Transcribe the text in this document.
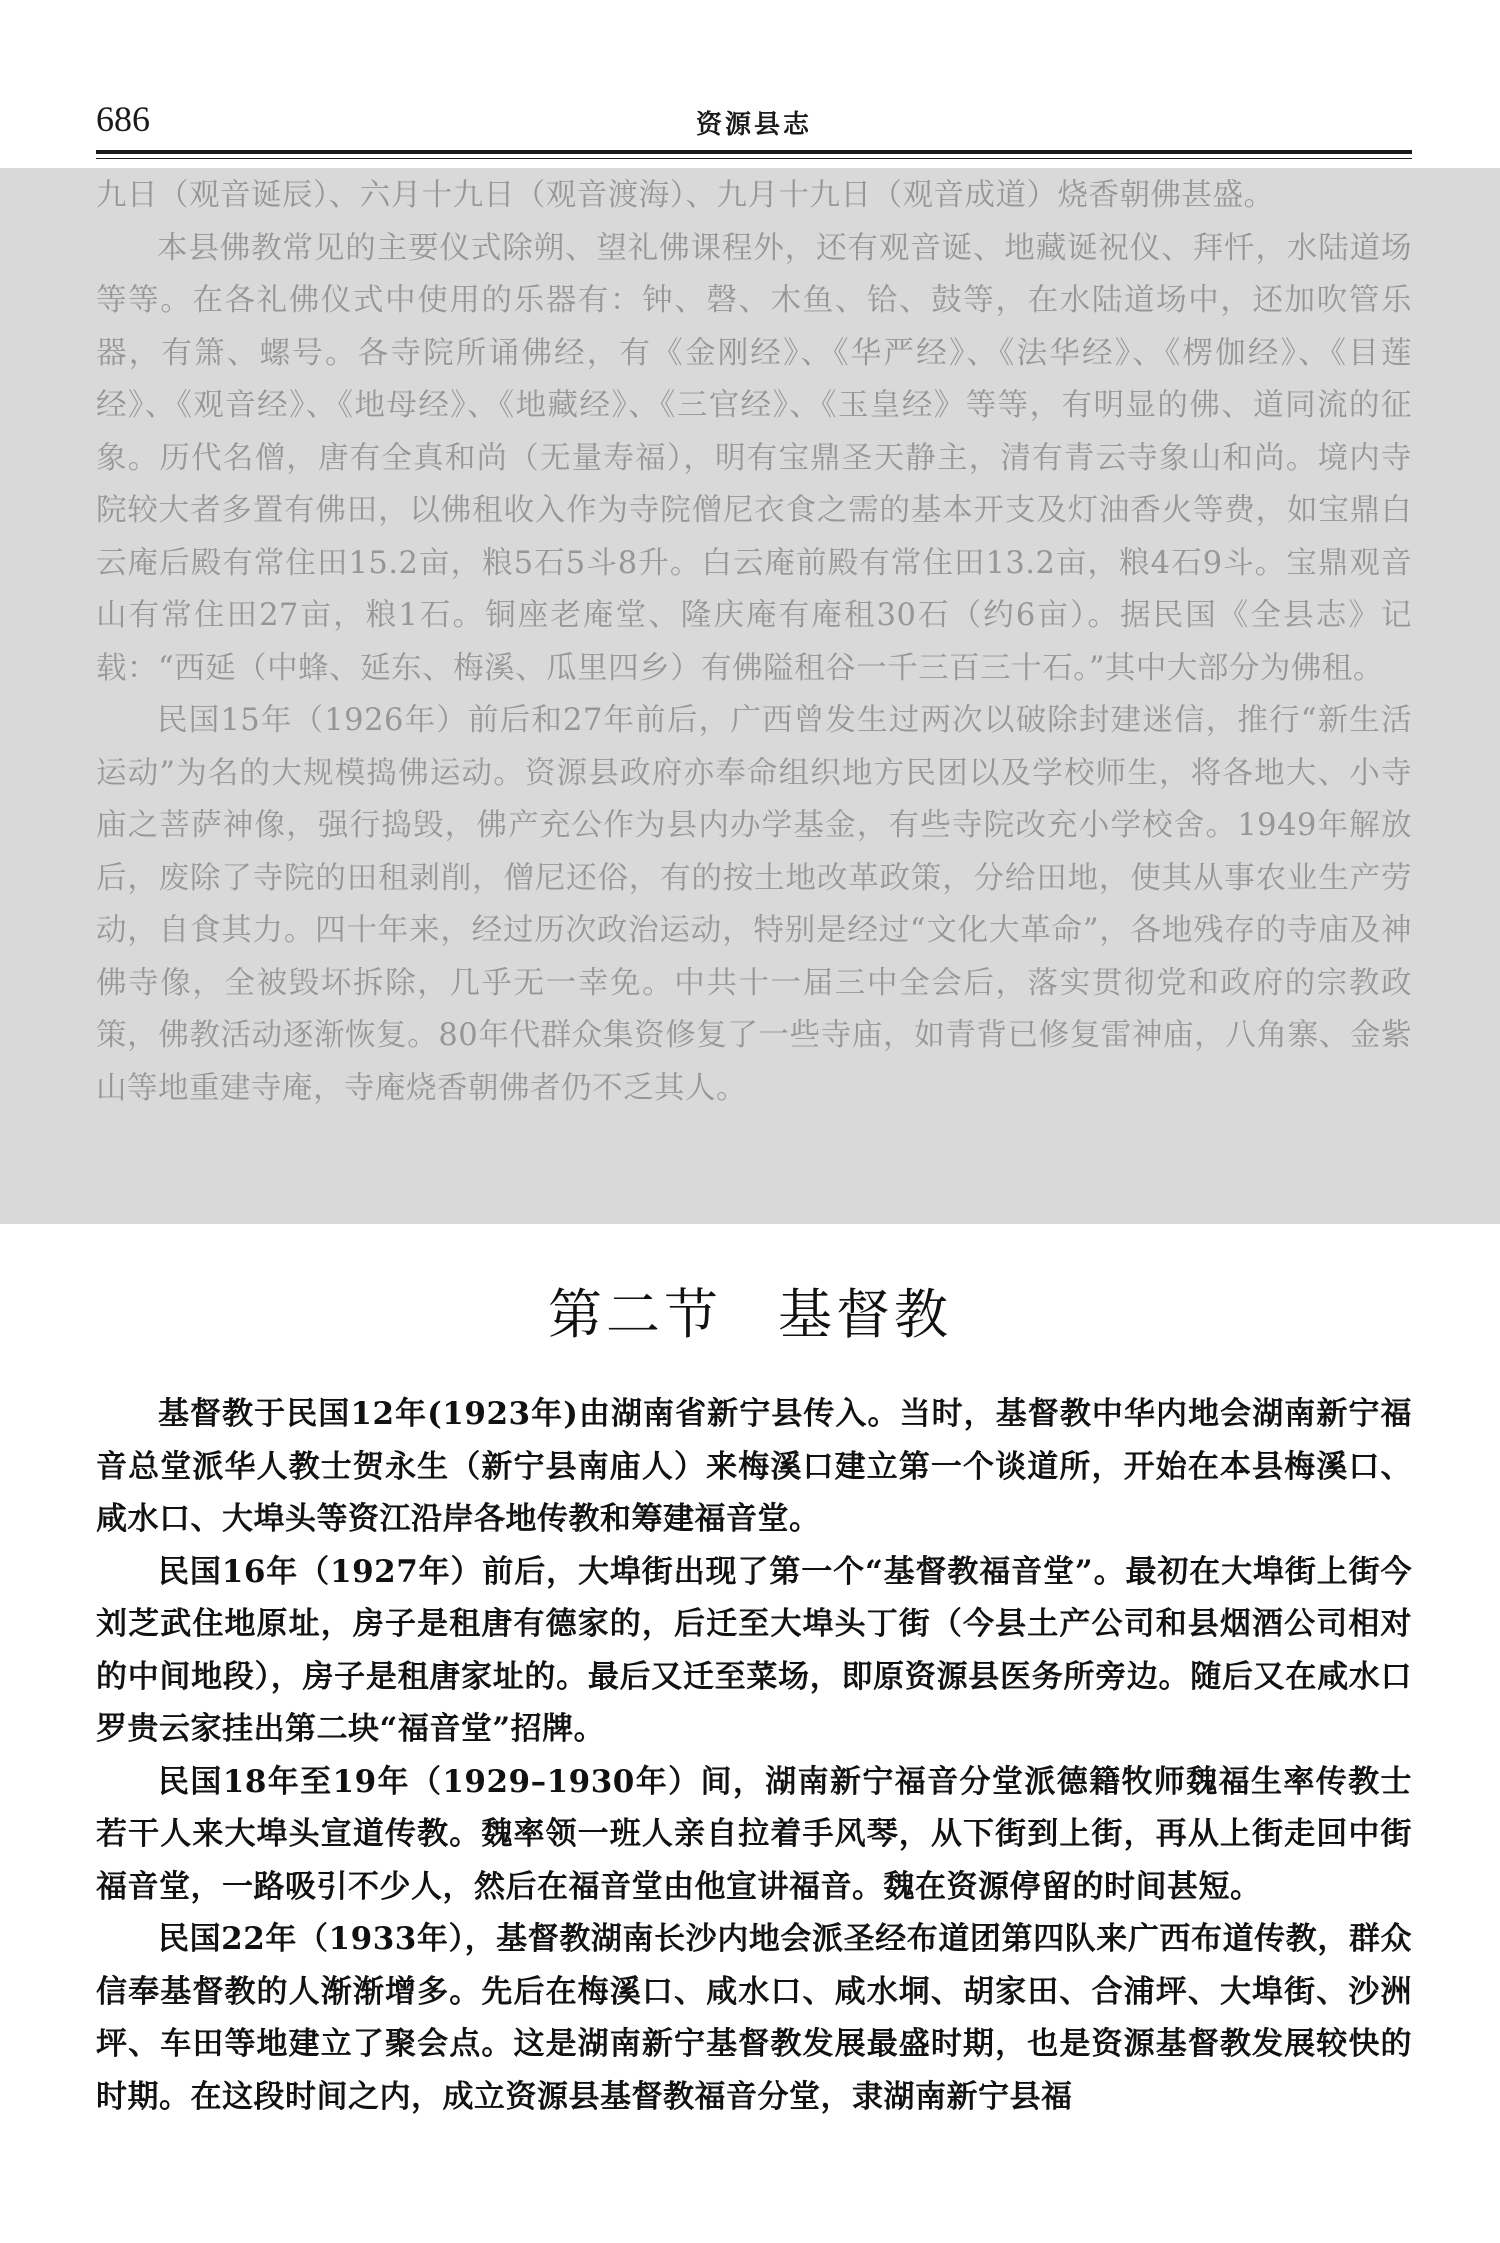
686	资源县志

九日（观音诞辰）、六月十九日（观音渡海）、九月十九日（观音成道）烧香朝佛甚盛。

本县佛教常见的主要仪式除朔、望礼佛课程外，还有观音诞、地藏诞祝仪、拜忏，水陆道场等等。在各礼佛仪式中使用的乐器有：钟、磬、木鱼、铪、鼓等，在水陆道场中，还加吹管乐器，有箫、螺号。各寺院所诵佛经，有《金刚经》、《华严经》、《法华经》、《楞伽经》、《目莲经》、《观音经》、《地母经》、《地藏经》、《三官经》、《玉皇经》等等，有明显的佛、道同流的征象。历代名僧，唐有全真和尚（无量寿福），明有宝鼎圣天静主，清有青云寺象山和尚。境内寺院较大者多置有佛田，以佛租收入作为寺院僧尼衣食之需的基本开支及灯油香火等费，如宝鼎白云庵后殿有常住田15.2亩，粮5石5斗8升。白云庵前殿有常住田13.2亩，粮4石9斗。宝鼎观音山有常住田27亩，粮1石。铜座老庵堂、隆庆庵有庵租30石（约6亩）。据民国《全县志》记载：“西延（中蜂、延东、梅溪、瓜里四乡）有佛隘租谷一千三百三十石。”其中大部分为佛租。

民国15年（1926年）前后和27年前后，广西曾发生过两次以破除封建迷信，推行“新生活运动”为名的大规模捣佛运动。资源县政府亦奉命组织地方民团以及学校师生，将各地大、小寺庙之菩萨神像，强行捣毁，佛产充公作为县内办学基金，有些寺院改充小学校舍。1949年解放后，废除了寺院的田租剥削，僧尼还俗，有的按土地改革政策，分给田地，使其从事农业生产劳动，自食其力。四十年来，经过历次政治运动，特别是经过“文化大革命”，各地残存的寺庙及神佛寺像，全被毁坏拆除，几乎无一幸免。中共十一届三中全会后，落实贯彻党和政府的宗教政策，佛教活动逐渐恢复。80年代群众集资修复了一些寺庙，如青背已修复雷神庙，八角寨、金紫山等地重建寺庵，寺庵烧香朝佛者仍不乏其人。

第二节 基督教

基督教于民国12年(1923年)由湖南省新宁县传入。当时，基督教中华内地会湖南新宁福音总堂派华人教士贺永生（新宁县南庙人）来梅溪口建立第一个谈道所，开始在本县梅溪口、咸水口、大埠头等资江沿岸各地传教和筹建福音堂。

民国16年（1927年）前后，大埠街出现了第一个“基督教福音堂”。最初在大埠街上街今刘芝武住地原址，房子是租唐有德家的，后迁至大埠头丁街（今县土产公司和县烟酒公司相对的中间地段），房子是租唐家址的。最后又迁至菜场，即原资源县医务所旁边。随后又在咸水口罗贵云家挂出第二块“福音堂”招牌。

民国18年至19年（1929–1930年）间，湖南新宁福音分堂派德籍牧师魏福生率传教士若干人来大埠头宣道传教。魏率领一班人亲自拉着手风琴，从下街到上街，再从上街走回中街福音堂，一路吸引不少人，然后在福音堂由他宣讲福音。魏在资源停留的时间甚短。

民国22年（1933年），基督教湖南长沙内地会派圣经布道团第四队来广西布道传教，群众信奉基督教的人渐渐增多。先后在梅溪口、咸水口、咸水垌、胡家田、合浦坪、大埠街、沙洲坪、车田等地建立了聚会点。这是湖南新宁基督教发展最盛时期，也是资源基督教发展较快的时期。在这段时间之内，成立资源县基督教福音分堂，隶湖南新宁县福
